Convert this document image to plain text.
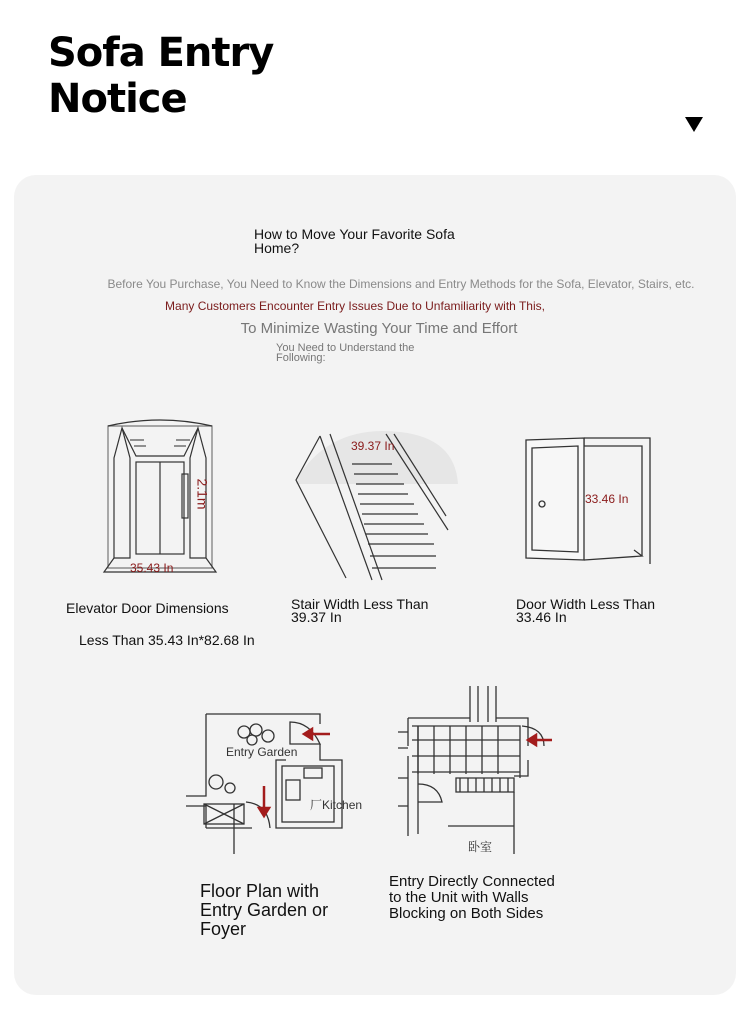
Sofa Entry
Notice
How to Move Your Favorite Sofa Home?
Before You Purchase, You Need to Know the Dimensions and Entry Methods for the Sofa, Elevator, Stairs, etc.
Many Customers Encounter Entry Issues Due to Unfamiliarity with This,
To Minimize Wasting Your Time and Effort
You Need to Understand the Following:
35.43 In
2.1m
Elevator Door Dimensions
Less Than 35.43 In*82.68 In
39.37 In
Stair Width Less Than 39.37 In
33.46 In
Door Width Less Than 33.46 In
Entry Garden
厂Kitchen
Floor Plan with Entry Garden or Foyer
卧室
Entry Directly Connected to the Unit with Walls Blocking on Both Sides
